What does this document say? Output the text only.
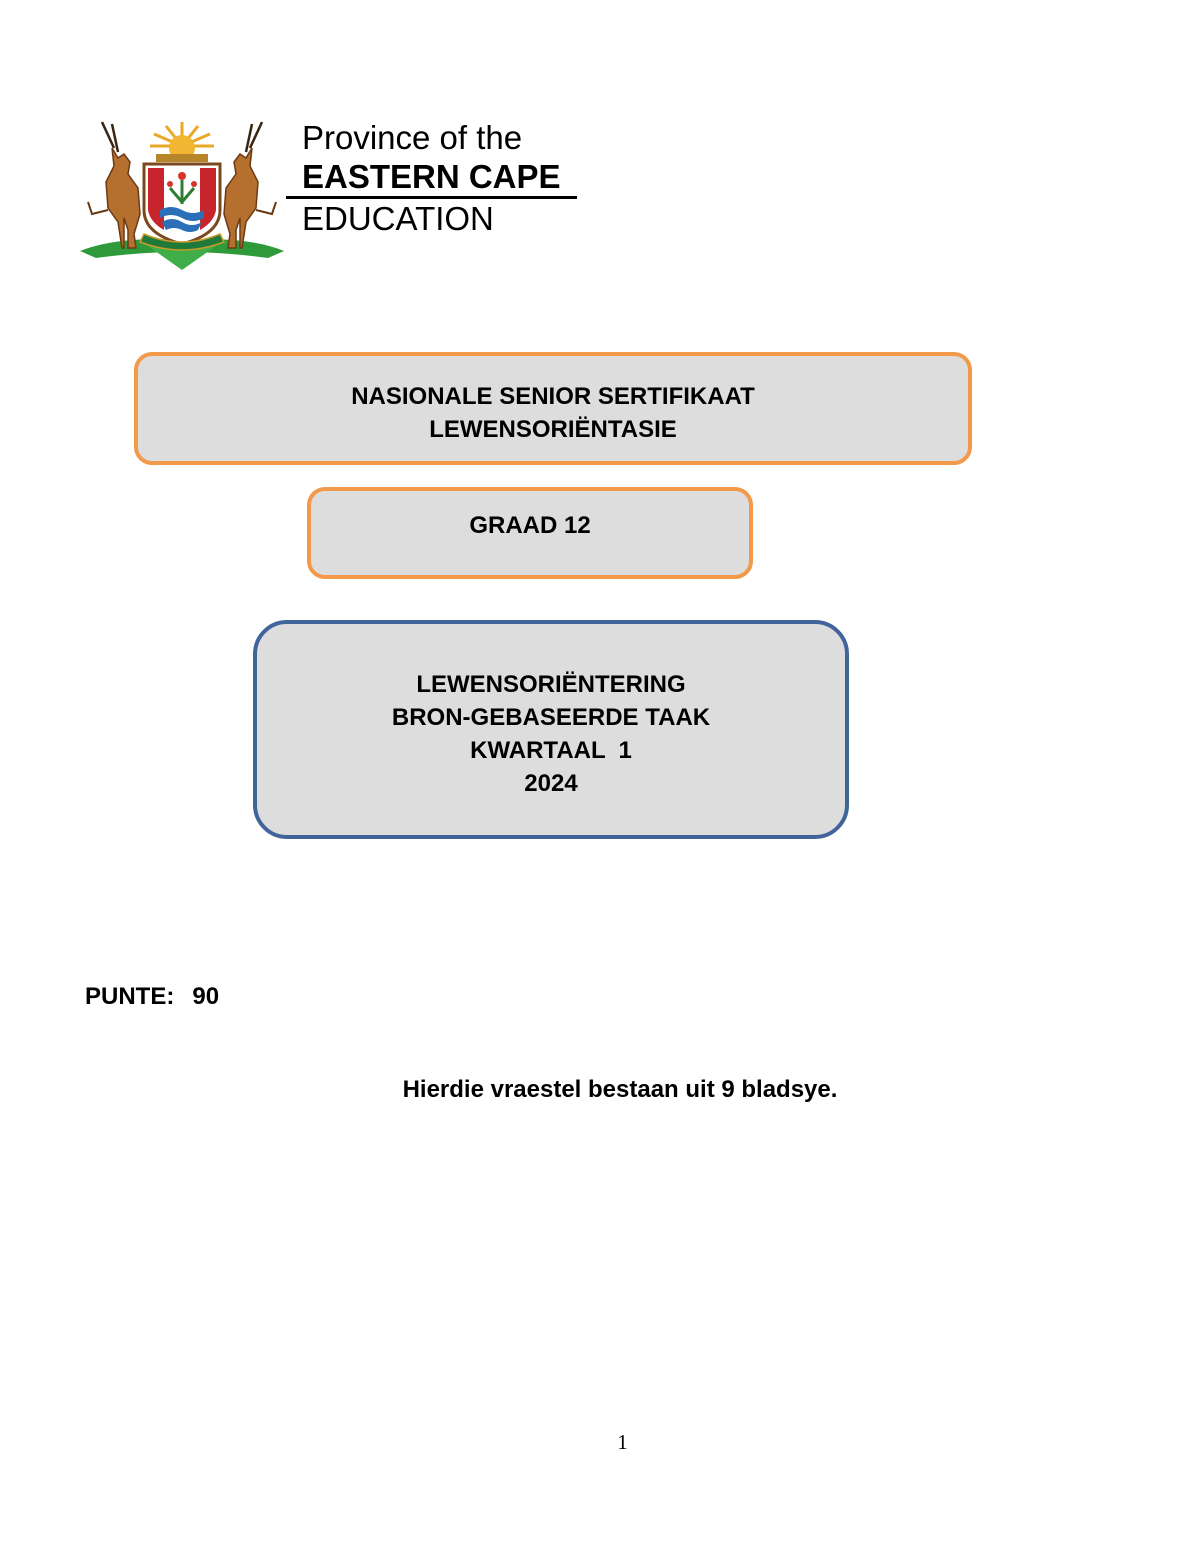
Province of the
EASTERN CAPE
EDUCATION
NASIONALE SENIOR SERTIFIKAAT
LEWENSORIËNTASIE
GRAAD 12
LEWENSORIËNTERING
BRON-GEBASEERDE TAAK
KWARTAAL  1
2024
PUNTE: 90
Hierdie vraestel bestaan uit 9 bladsye.
1
